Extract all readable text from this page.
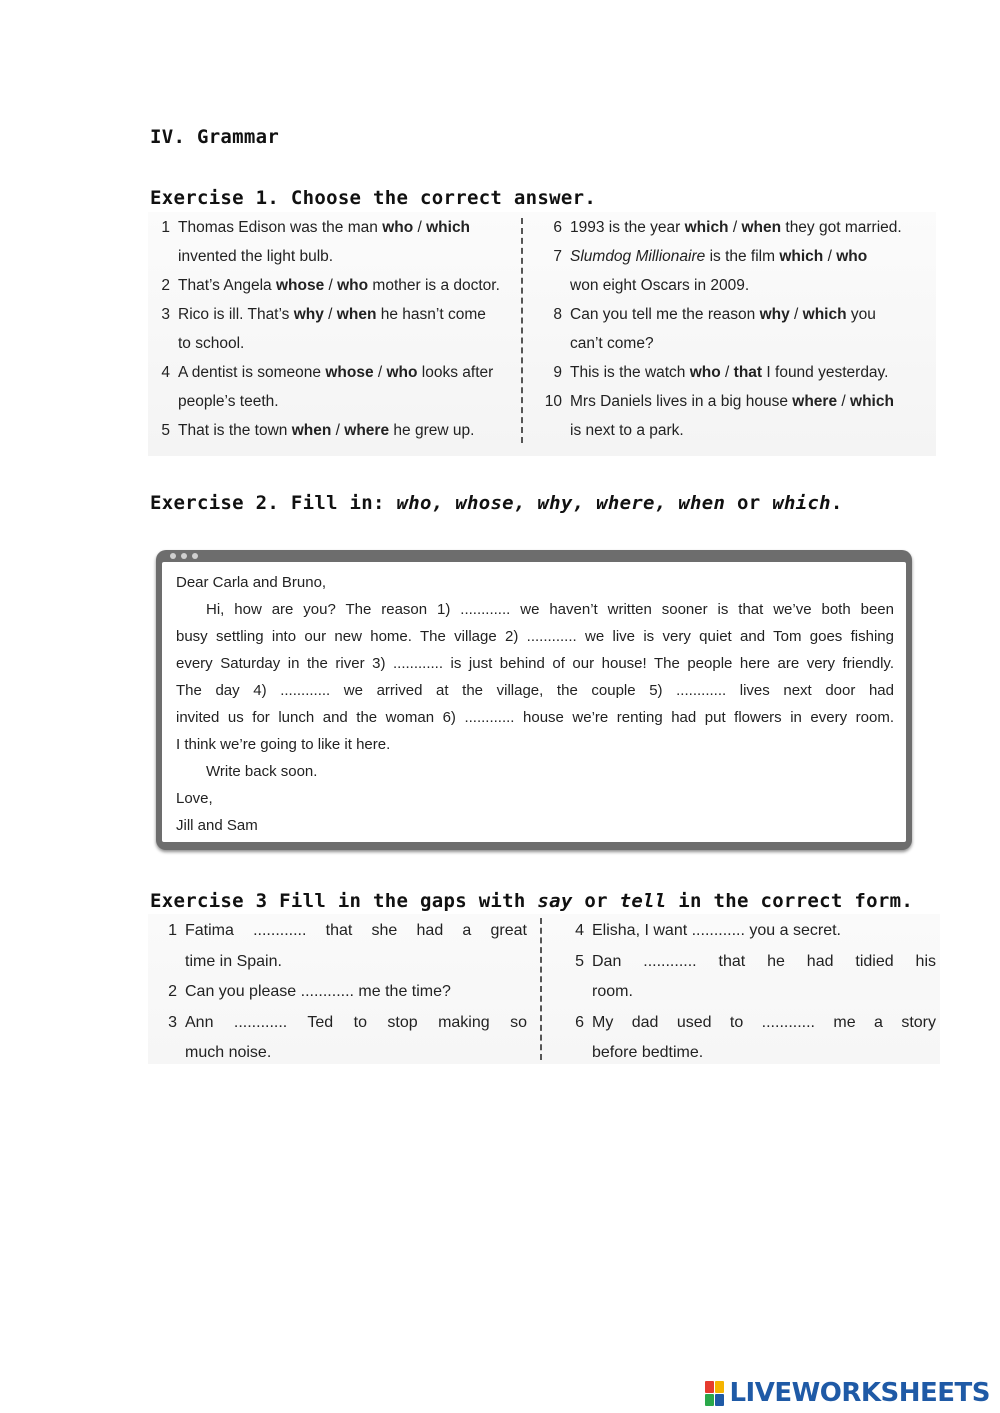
IV. Grammar
Exercise 1. Choose the correct answer.
1 Thomas Edison was the man who / which
invented the light bulb.
2 That’s Angela whose / who mother is a doctor.
3 Rico is ill. That’s why / when he hasn’t come
to school.
4 A dentist is someone whose / who looks after
people’s teeth.
5 That is the town when / where he grew up.
6 1993 is the year which / when they got married.
7 Slumdog Millionaire is the film which / who
won eight Oscars in 2009.
8 Can you tell me the reason why / which you
can’t come?
9 This is the watch who / that I found yesterday.
10 Mrs Daniels lives in a big house where / which
is next to a park.
Exercise 2. Fill in: who, whose, why, where, when or which.
Dear Carla and Bruno,
Hi, how are you? The reason 1) ............ we haven’t written sooner is that we’ve both been
busy settling into our new home. The village 2) ............ we live is very quiet and Tom goes fishing
every Saturday in the river 3) ............ is just behind of our house! The people here are very friendly.
The day 4) ............ we arrived at the village, the couple 5) ............ lives next door had
invited us for lunch and the woman 6) ............ house we’re renting had put flowers in every room.
I think we’re going to like it here.
Write back soon.
Love,
Jill and Sam
Exercise 3 Fill in the gaps with say or tell in the correct form.
1 Fatima ............ that she had a great
time in Spain.
2 Can you please ............ me the time?
3 Ann ............ Ted to stop making so
much noise.
4 Elisha, I want ............ you a secret.
5 Dan ............ that he had tidied his
room.
6 My dad used to ............ me a story
before bedtime.
LIVEWORKSHEETS
